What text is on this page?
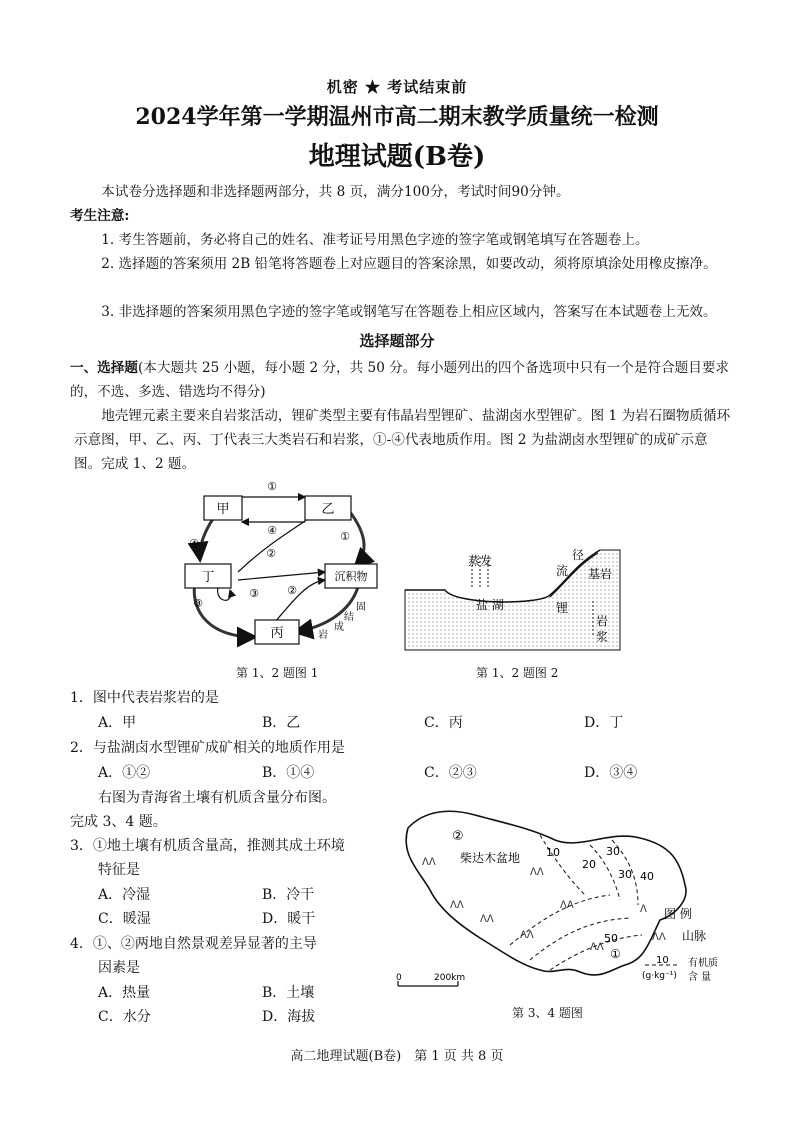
机密 ★ 考试结束前
2024学年第一学期温州市高二期末教学质量统一检测
地理试题(B卷)
本试卷分选择题和非选择题两部分，共 8 页，满分100分，考试时间90分钟。
考生注意:
1. 考生答题前，务必将自己的姓名、准考证号用黑色字迹的签字笔或钢笔填写在答题卷上。
2. 选择题的答案须用 2B 铅笔将答题卷上对应题目的答案涂黑，如要改动，须将原填涂处用橡皮擦净。
3. 非选择题的答案须用黑色字迹的签字笔或钢笔写在答题卷上相应区域内，答案写在本试题卷上无效。
选择题部分
一、选择题(本大题共 25 小题，每小题 2 分，共 50 分。每小题列出的四个备选项中只有一个是符合题目要求的，不选、多选、错选均不得分)
地壳锂元素主要来自岩浆活动，锂矿类型主要有伟晶岩型锂矿、盐湖卤水型锂矿。图 1 为岩石圈物质循环示意图，甲、乙、丙、丁代表三大类岩石和岩浆，①-④代表地质作用。图 2 为盐湖卤水型锂矿的成矿示意图。完成 1、2 题。
甲	乙
丁	沉积物
丙
①
④
②
③
④
②
③
①
固
结
成
岩
第 1、2 题图 1
蒸发	径
流 基岩
盐 湖	锂
岩
浆
第 1、2 题图 2
1．图中代表岩浆岩的是
A．甲	B．乙	C．丙	D．丁
2．与盐湖卤水型锂矿成矿相关的地质作用是
A．①②	B．①④	C．②③	D．③④
右图为青海省土壤有机质含量分布图。
完成 3、4 题。
3．①地土壤有机质含量高，推测其成土环境
特征是
A．冷湿	B．冷干
C．暖湿	D．暖干
4．①、②两地自然景观差异显著的主导
因素是
A．热量	B．土壤
C．水分	D．海拔
ᐱᐱ
ᐱᐱ
ᐱᐱ
ᐱᐱ
ᐱᐱ
ᐱᐱ
ᐱᐱ
ᐱ
②
柴达木盆地
①
10
20
30
30 40
50
图 例
ᐱᐱ 山脉
10
(g·kg⁻¹)
有机质
含 量
0	200km
第 3、4 题图
高二地理试题(B卷)　第 1 页 共 8 页
